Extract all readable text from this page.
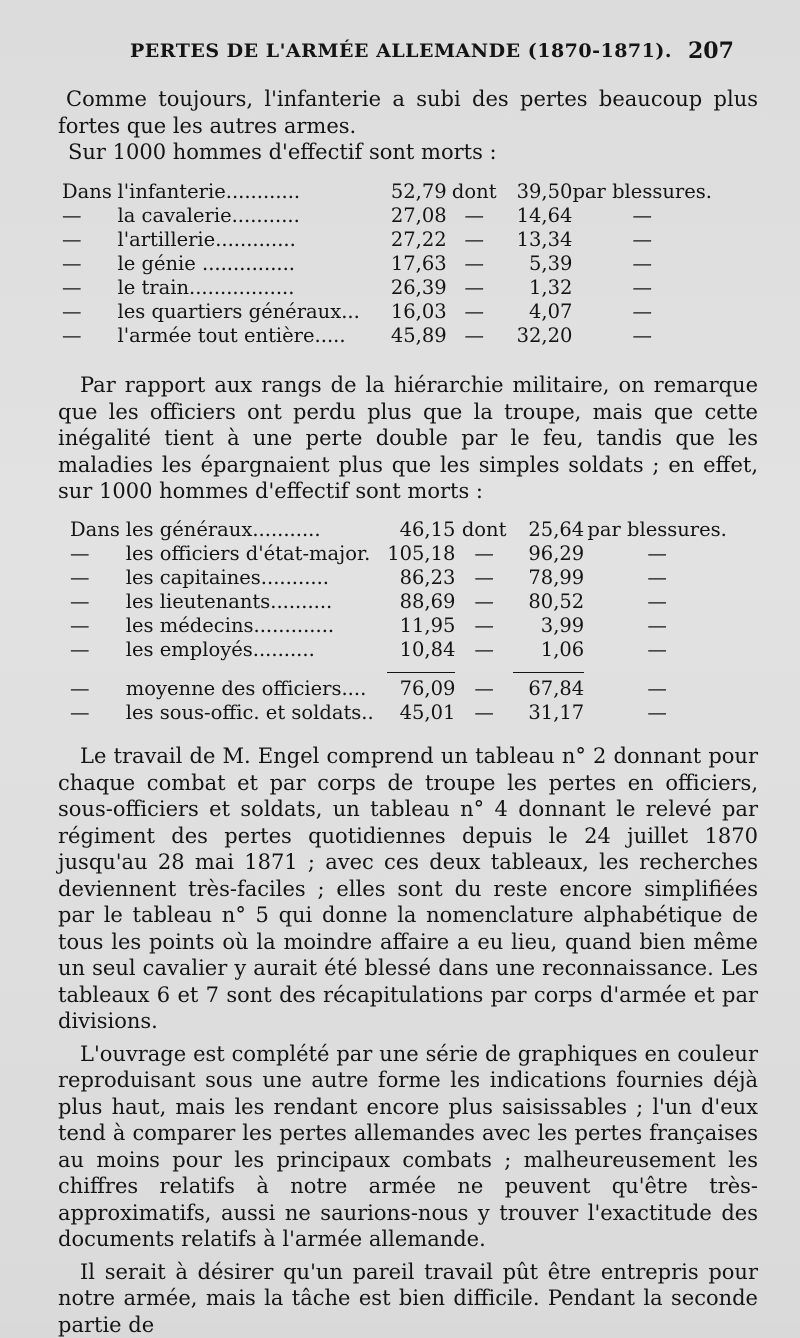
PERTES DE L'ARMÉE ALLEMANDE (1870-1871). 207

Comme toujours, l'infanterie a subi des pertes beaucoup plus fortes que les autres armes.

Sur 1000 hommes d'effectif sont morts :

Dans	l'infanterie............	52,79	dont	39,50	par blessures.
—	la cavalerie...........	27,08	—	14,64	—
—	l'artillerie.............	27,22	—	13,34	—
—	le génie ...............	17,63	—	5,39	—
—	le train.................	26,39	—	1,32	—
—	les quartiers généraux...	16,03	—	4,07	—
—	l'armée tout entière.....	45,89	—	32,20	—

Par rapport aux rangs de la hiérarchie militaire, on remarque que les officiers ont perdu plus que la troupe, mais que cette inégalité tient à une perte double par le feu, tandis que les maladies les épargnaient plus que les simples soldats ; en effet, sur 1000 hommes d'effectif sont morts :

Dans	les généraux...........	46,15	dont	25,64	par blessures.
—	les officiers d'état-major.	105,18	—	96,29	—
—	les capitaines...........	86,23	—	78,99	—
—	les lieutenants..........	88,69	—	80,52	—
—	les médecins.............	11,95	—	3,99	—
—	les employés..........	10,84	—	1,06	—

—	moyenne des officiers....	76,09	—	67,84	—
—	les sous-offic. et soldats..	45,01	—	31,17	—

Le travail de M. Engel comprend un tableau n° 2 donnant pour chaque combat et par corps de troupe les pertes en officiers, sous-officiers et soldats, un tableau n° 4 donnant le relevé par régiment des pertes quotidiennes depuis le 24 juillet 1870 jusqu'au 28 mai 1871 ; avec ces deux tableaux, les recherches deviennent très-faciles ; elles sont du reste encore simplifiées par le tableau n° 5 qui donne la nomenclature alphabétique de tous les points où la moindre affaire a eu lieu, quand bien même un seul cavalier y aurait été blessé dans une reconnaissance. Les tableaux 6 et 7 sont des récapitulations par corps d'armée et par divisions.

L'ouvrage est complété par une série de graphiques en couleur reproduisant sous une autre forme les indications fournies déjà plus haut, mais les rendant encore plus saisissables ; l'un d'eux tend à comparer les pertes allemandes avec les pertes françaises au moins pour les principaux combats ; malheureusement les chiffres relatifs à notre armée ne peuvent qu'être très-approximatifs, aussi ne saurions-nous y trouver l'exactitude des documents relatifs à l'armée allemande.

Il serait à désirer qu'un pareil travail pût être entrepris pour notre armée, mais la tâche est bien difficile. Pendant la seconde partie de
